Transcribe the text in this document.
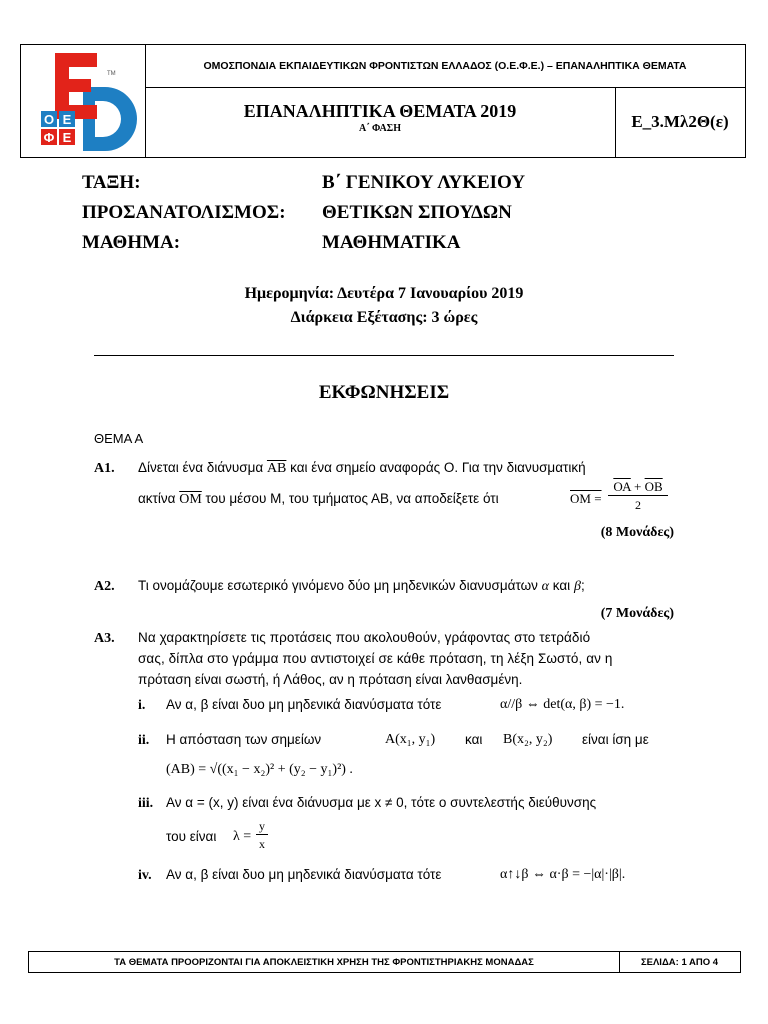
Ο Ε
Φ Ε
TM
ΟΜΟΣΠΟΝΔΙΑ ΕΚΠΑΙΔΕΥΤΙΚΩΝ ΦΡΟΝΤΙΣΤΩΝ ΕΛΛΑΔΟΣ (Ο.Ε.Φ.Ε.) – ΕΠΑΝΑΛΗΠΤΙΚΑ ΘΕΜΑΤΑ
ΕΠΑΝΑΛΗΠΤΙΚΑ ΘΕΜΑΤΑ 2019
Α΄ ΦΑΣΗ	Ε_3.Μλ2Θ(ε)
ΤΑΞΗ:	Β΄ ΓΕΝΙΚΟΥ ΛΥΚΕΙΟΥ
ΠΡΟΣΑΝΑΤΟΛΙΣΜΟΣ: ΘΕΤΙΚΩΝ ΣΠΟΥΔΩΝ
ΜΑΘΗΜΑ:	ΜΑΘΗΜΑΤΙΚΑ
Ημερομηνία: Δευτέρα 7 Ιανουαρίου 2019
Διάρκεια Εξέτασης: 3 ώρες
ΕΚΦΩΝΗΣΕΙΣ
ΘΕΜΑ Α
Α1. Δίνεται ένα διάνυσμα $\overline{AB}$ και ένα σημείο αναφοράς Ο. Για την διανυσματική
ακτίνα $\overline{OM}$ του μέσου Μ, του τμήματος ΑΒ, να αποδείξετε ότι	ΟΜ =
$\overline{OA} + \overline{OB}$
2
(8 Μονάδες)
Α2. Τι ονομάζουμε εσωτερικό γινόμενο δύο μη μηδενικών διανυσμάτων α και β;
(7 Μονάδες)
Α3. Να χαρακτηρίσετε τις προτάσεις που ακολουθούν, γράφοντας στο τετράδιό
σας, δίπλα στο γράμμα που αντιστοιχεί σε κάθε πρόταση, τη λέξη Σωστό, αν η
πρόταση είναι σωστή, ή Λάθος, αν η πρόταση είναι λανθασμένη.
i. Αν α, β είναι δυο μη μηδενικά διανύσματα τότε	α//β ⇔ det(α, β) = −1.
ii. Η απόσταση των σημείων	Α(x₁, y₁) και Β(x₂, y₂) είναι ίση με
(ΑΒ) = √((x₁ − x₂)² + (y₂ − y₁)²) .
iii. Αν α = (x, y) είναι ένα διάνυσμα με x ≠ 0, τότε ο συντελεστής διεύθυνσης
του είναι λ =
y
x
iv. Αν α, β είναι δυο μη μηδενικά διανύσματα τότε	α↑↓β ⇔ α·β = −|α|·|β|.
ΤΑ ΘΕΜΑΤΑ ΠΡΟΟΡΙΖΟΝΤΑΙ ΓΙΑ ΑΠΟΚΛΕΙΣΤΙΚΗ ΧΡΗΣΗ ΤΗΣ ΦΡΟΝΤΙΣΤΗΡΙΑΚΗΣ ΜΟΝΑΔΑΣ	ΣΕΛΙΔΑ: 1 ΑΠΟ 4
